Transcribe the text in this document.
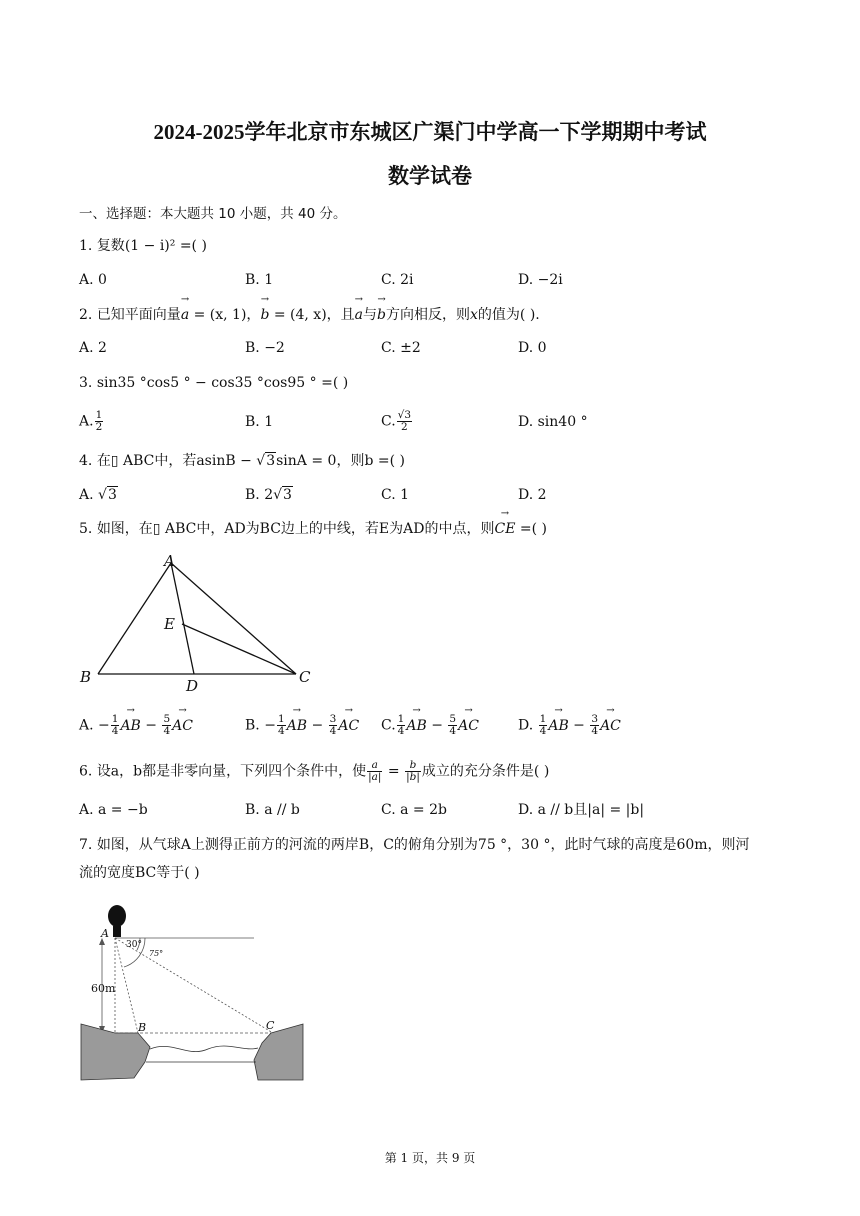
2024-2025学年北京市东城区广渠门中学高一下学期期中考试
数学试卷
一、选择题：本大题共 10 小题，共 40 分。
1. 复数(1 − i)² =( )
A. 0	B. 1	C. 2i	D. −2i
2. 已知平面向量→ a = (x, 1)，→ b = (4, x)，且→ a与→ b方向相反，则x的值为( ).
A. 2	B. −2	C. ±2	D. 0
3. sin35 °cos5 ° − cos35 °cos95 ° =( )
A. $\frac{1}{2}$	B. 1	C. $\frac{√3}{2}$	D. sin40 °
4. 在▯ ABC中，若asinB − √3sinA = 0，则b =( )
A. √3	B. 2√3	C. 1	D. 2
5. 如图，在▯ ABC中，AD为BC边上的中线，若E为AD的中点，则→ CE =( )
A
B	C
D
E
A. − $\frac{1}{4}$ → AB − $\frac{5}{4}$ → AC	B. − $\frac{1}{4}$ → AB − $\frac{3}{4}$ → AC C. $\frac{1}{4}$ → AB − $\frac{5}{4}$ → AC	D. $\frac{1}{4}$ → AB − $\frac{3}{4}$ → AC
6. 设a，b都是非零向量，下列四个条件中，使 $\frac{a}{|a|} = \frac{b}{|b|}$ 成立的充分条件是( )
A. a = −b	B. a // b	C. a = 2b	D. a // b且|a| = |b|
7. 如图，从气球A上测得正前方的河流的两岸B，C的俯角分别为75 °，30 °，此时气球的高度是60m，则河
流的宽度BC等于( )
A
B	C
60m
30°
75°
第 1 页，共 9 页
